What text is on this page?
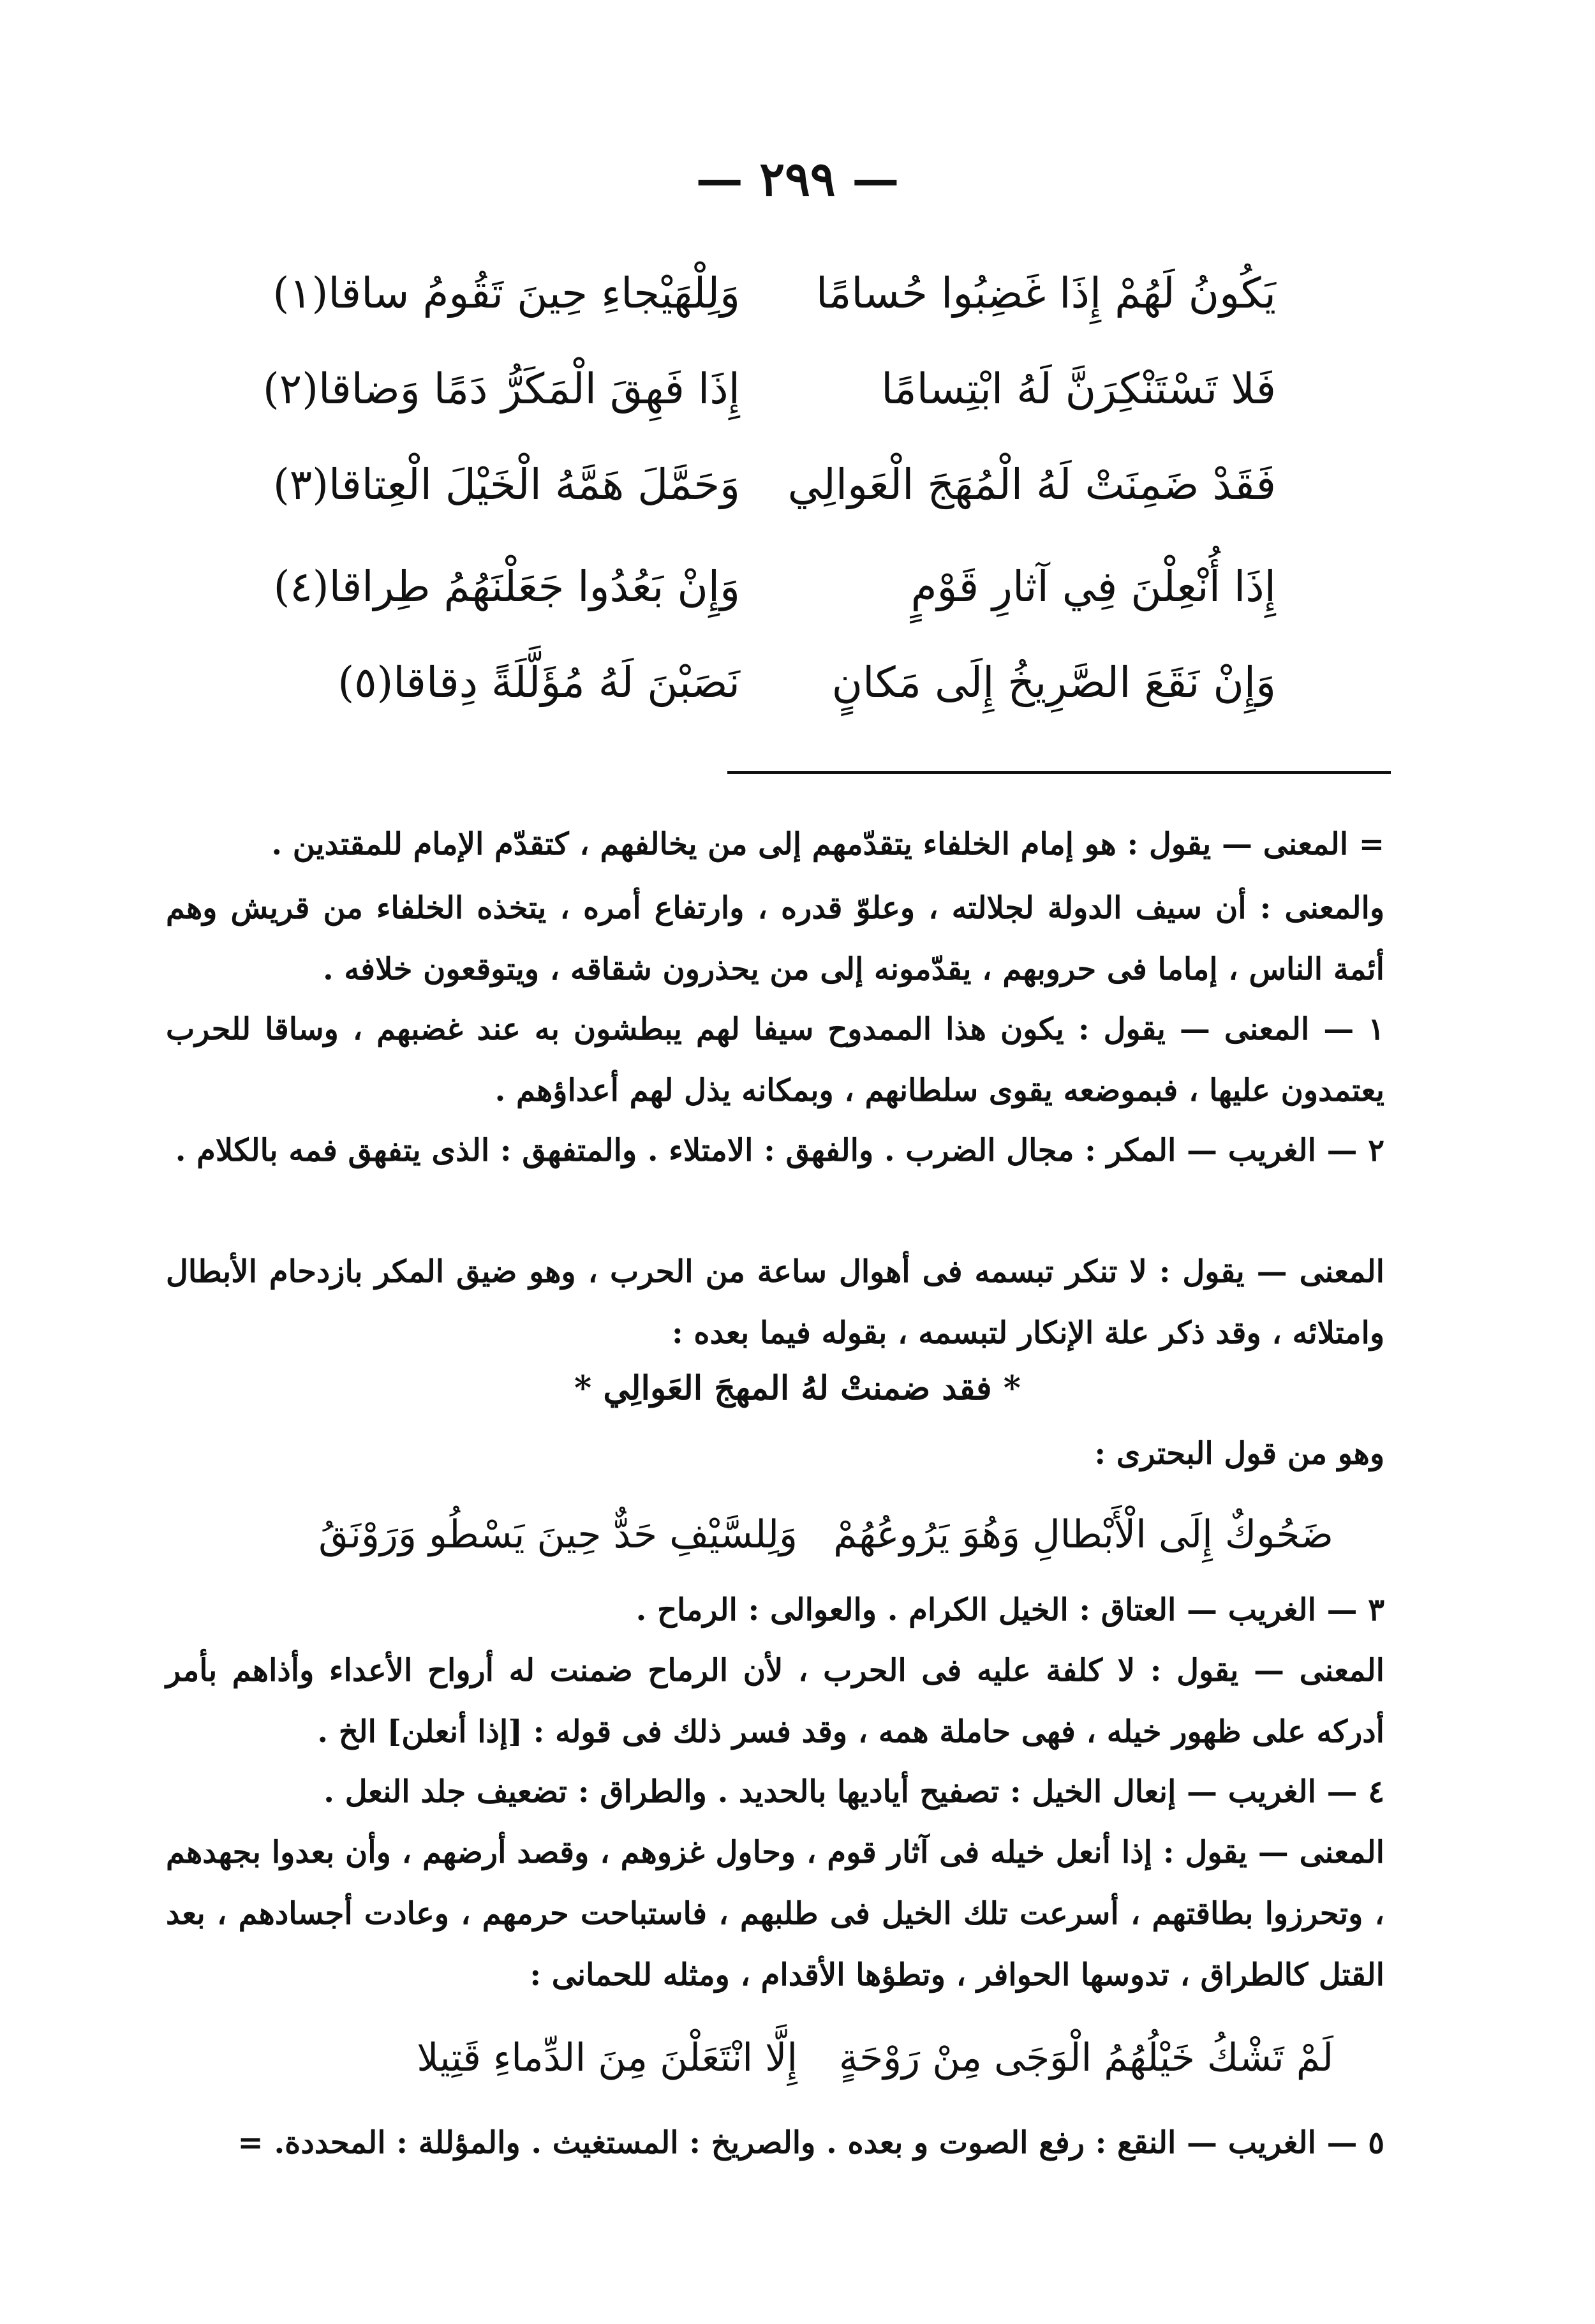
— ٢٩٩ —
يَكُونُ لَهُمْ إِذَا غَضِبُوا حُسامًا
وَلِلْهَيْجاءِ حِينَ تَقُومُ ساقا(١)
فَلا تَسْتَنْكِرَنَّ لَهُ ابْتِسامًا
إِذَا فَهِقَ الْمَكَرُّ دَمًا وَضاقا(٢)
فَقَدْ ضَمِنَتْ لَهُ الْمُهَجَ الْعَوالِي
وَحَمَّلَ هَمَّهُ الْخَيْلَ الْعِتاقا(٣)
إِذَا أُنْعِلْنَ فِي آثارِ قَوْمٍ
وَإِنْ بَعُدُوا جَعَلْنَهُمُ طِراقا(٤)
وَإِنْ نَقَعَ الصَّرِيخُ إِلَى مَكانٍ
نَصَبْنَ لَهُ مُؤَلَّلَةً دِقاقا(٥)
= المعنى — يقول : هو إمام الخلفاء يتقدّمهم إلى من يخالفهم ، كتقدّم الإمام للمقتدين .
والمعنى : أن سيف الدولة لجلالته ، وعلوّ قدره ، وارتفاع أمره ، يتخذه الخلفاء من قريش وهم أئمة الناس ، إماما فى حروبهم ، يقدّمونه إلى من يحذرون شقاقه ، ويتوقعون خلافه .
١ — المعنى — يقول : يكون هذا الممدوح سيفا لهم يبطشون به عند غضبهم ، وساقا للحرب يعتمدون عليها ، فبموضعه يقوى سلطانهم ، وبمكانه يذل لهم أعداؤهم .
٢ — الغريب — المكر : مجال الضرب . والفهق : الامتلاء . والمتفهق : الذى يتفهق فمه بالكلام .
المعنى — يقول : لا تنكر تبسمه فى أهوال ساعة من الحرب ، وهو ضيق المكر بازدحام الأبطال وامتلائه ، وقد ذكر علة الإنكار لتبسمه ، بقوله فيما بعده :
* فقد ضمنتْ لهُ المهجَ العَوالِي *
وهو من قول البحترى :
ضَحُوكٌ إِلَى الْأَبْطالِ وَهُوَ يَرُوعُهُمْ
وَلِلسَّيْفِ حَدٌّ حِينَ يَسْطُو وَرَوْنَقُ
٣ — الغريب — العتاق : الخيل الكرام . والعوالى : الرماح .
المعنى — يقول : لا كلفة عليه فى الحرب ، لأن الرماح ضمنت له أرواح الأعداء وأذاهم بأمر أدركه على ظهور خيله ، فهى حاملة همه ، وقد فسر ذلك فى قوله : [إذا أنعلن] الخ .
٤ — الغريب — إنعال الخيل : تصفيح أياديها بالحديد . والطراق : تضعيف جلد النعل .
المعنى — يقول : إذا أنعل خيله فى آثار قوم ، وحاول غزوهم ، وقصد أرضهم ، وأن بعدوا بجهدهم ، وتحرزوا بطاقتهم ، أسرعت تلك الخيل فى طلبهم ، فاستباحت حرمهم ، وعادت أجسادهم ، بعد القتل كالطراق ، تدوسها الحوافر ، وتطؤها الأقدام ، ومثله للحمانى :
لَمْ تَشْكُ خَيْلُهُمُ الْوَجَى مِنْ رَوْحَةٍ
إِلَّا انْتَعَلْنَ مِنَ الدِّماءِ قَتِيلا
٥ — الغريب — النقع : رفع الصوت و بعده . والصريخ : المستغيث . والمؤللة : المحددة. =
